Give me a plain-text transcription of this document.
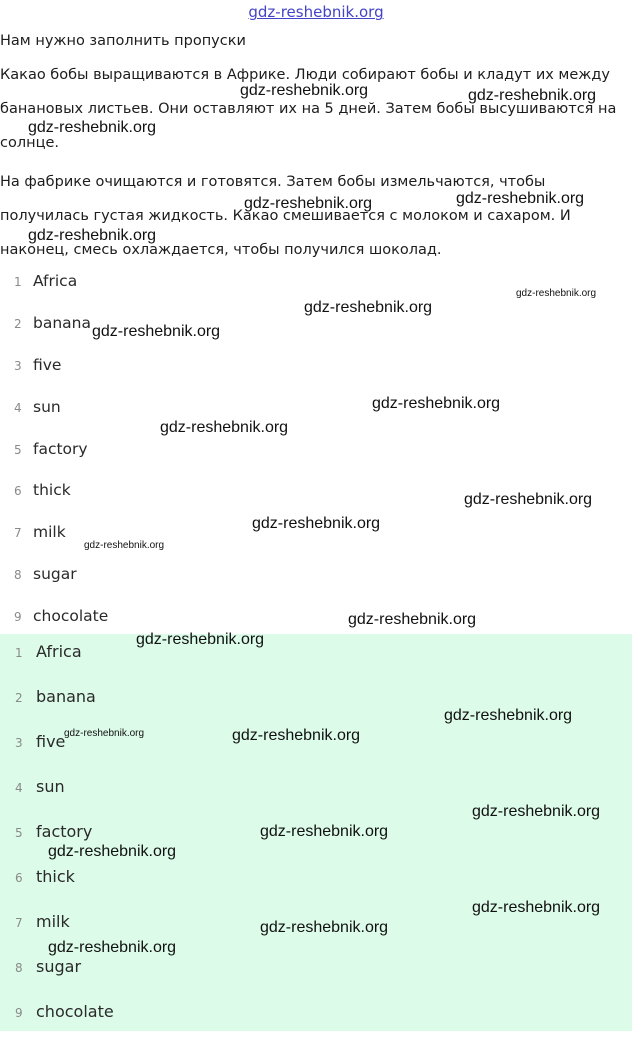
gdz-reshebnik.org
Нам нужно заполнить пропуски

Какао бобы выращиваются в Африке. Люди собирают бобы и кладут их между
банановых листьев. Они оставляют их на 5 дней. Затем бобы высушиваются на
солнце.

На фабрике очищаются и готовятся. Затем бобы измельчаются, чтобы
получилась густая жидкость. Какао смешивается с молоком и сахаром. И
наконец, смесь охлаждается, чтобы получился шоколад.

1 Africa
2 banana
3 five
4 sun
5 factory
6 thick
7 milk
8 sugar
9 chocolate
1 Africa
2 banana
3 five
4 sun
5 factory
6 thick
7 milk
8 sugar
9 chocolate
gdz-reshebnik.org	gdz-reshebnik.org
gdz-reshebnik.org
gdz-reshebnik.org	gdz-reshebnik.org
gdz-reshebnik.org
gdz-reshebnik.org
gdz-reshebnik.org
gdz-reshebnik.org
gdz-reshebnik.org
gdz-reshebnik.org
gdz-reshebnik.org
gdz-reshebnik.org
gdz-reshebnik.org
gdz-reshebnik.org
gdz-reshebnik.org
gdz-reshebnik.org
gdz-reshebnik.org	gdz-reshebnik.org
gdz-reshebnik.org
gdz-reshebnik.org
gdz-reshebnik.org
gdz-reshebnik.org
gdz-reshebnik.org
gdz-reshebnik.org
